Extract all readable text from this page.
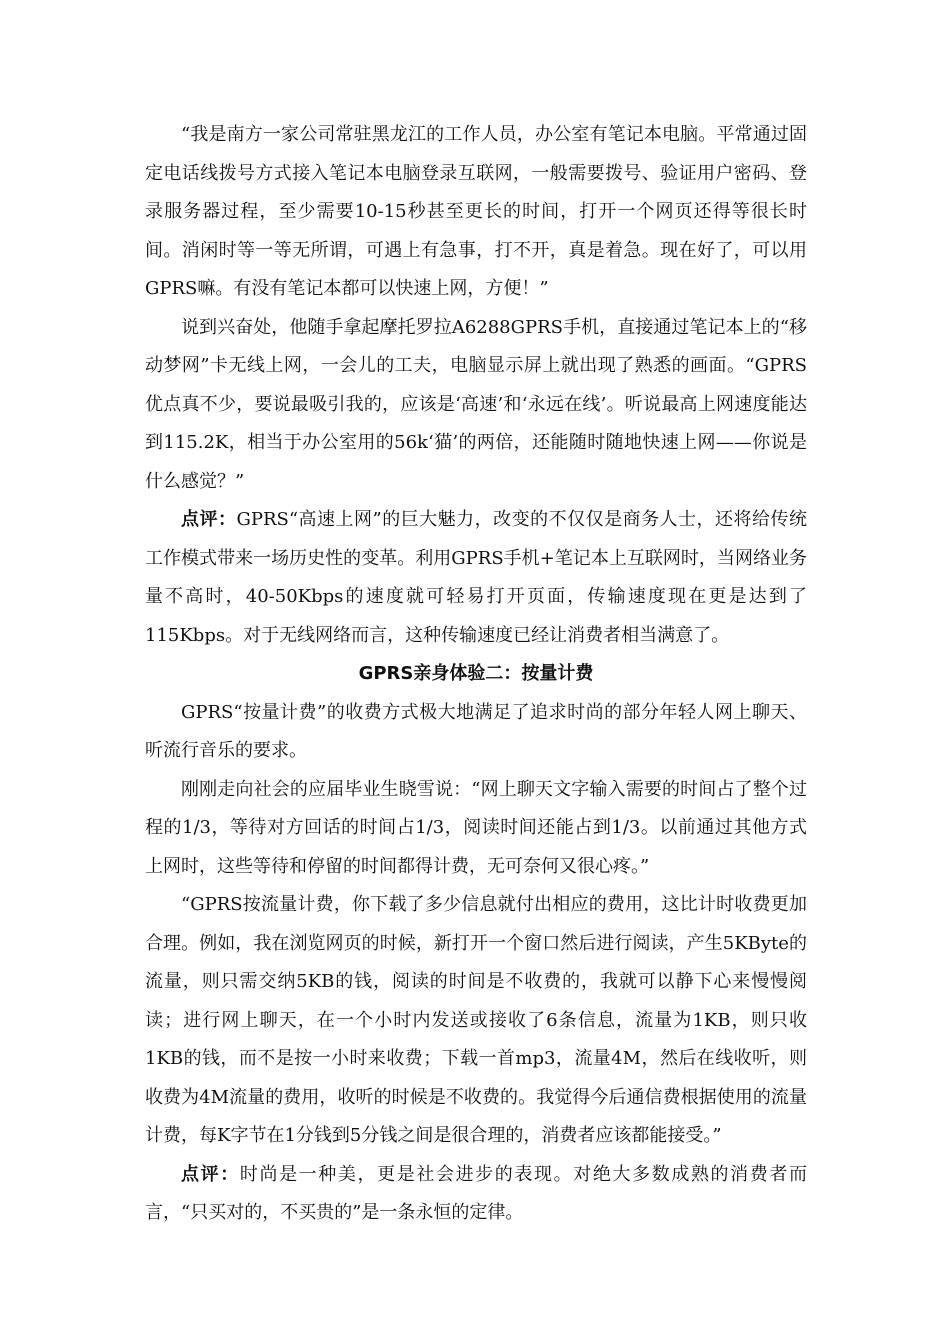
“我是南方一家公司常驻黑龙江的工作人员，办公室有笔记本电脑。平常通过固定电话线拨号方式接入笔记本电脑登录互联网，一般需要拨号、验证用户密码、登录服务器过程，至少需要10-15秒甚至更长的时间，打开一个网页还得等很长时间。消闲时等一等无所谓，可遇上有急事，打不开，真是着急。现在好了，可以用GPRS嘛。有没有笔记本都可以快速上网，方便！”

说到兴奋处，他随手拿起摩托罗拉A6288GPRS手机，直接通过笔记本上的“移动梦网”卡无线上网，一会儿的工夫，电脑显示屏上就出现了熟悉的画面。“GPRS优点真不少，要说最吸引我的，应该是‘高速’和‘永远在线’。听说最高上网速度能达到115.2K，相当于办公室用的56k‘猫’的两倍，还能随时随地快速上网——你说是什么感觉？”

点评：GPRS“高速上网”的巨大魅力，改变的不仅仅是商务人士，还将给传统工作模式带来一场历史性的变革。利用GPRS手机+笔记本上互联网时，当网络业务量不高时，40-50Kbps的速度就可轻易打开页面，传输速度现在更是达到了115Kbps。对于无线网络而言，这种传输速度已经让消费者相当满意了。

GPRS亲身体验二：按量计费

GPRS“按量计费”的收费方式极大地满足了追求时尚的部分年轻人网上聊天、听流行音乐的要求。

刚刚走向社会的应届毕业生晓雪说：“网上聊天文字输入需要的时间占了整个过程的1/3，等待对方回话的时间占1/3，阅读时间还能占到1/3。以前通过其他方式上网时，这些等待和停留的时间都得计费，无可奈何又很心疼。”

“GPRS按流量计费，你下载了多少信息就付出相应的费用，这比计时收费更加合理。例如，我在浏览网页的时候，新打开一个窗口然后进行阅读，产生5KByte的流量，则只需交纳5KB的钱，阅读的时间是不收费的，我就可以静下心来慢慢阅读；进行网上聊天，在一个小时内发送或接收了6条信息，流量为1KB，则只收1KB的钱，而不是按一小时来收费；下载一首mp3，流量4M，然后在线收听，则收费为4M流量的费用，收听的时候是不收费的。我觉得今后通信费根据使用的流量计费，每K字节在1分钱到5分钱之间是很合理的，消费者应该都能接受。”

点评：时尚是一种美，更是社会进步的表现。对绝大多数成熟的消费者而言，“只买对的，不买贵的”是一条永恒的定律。
